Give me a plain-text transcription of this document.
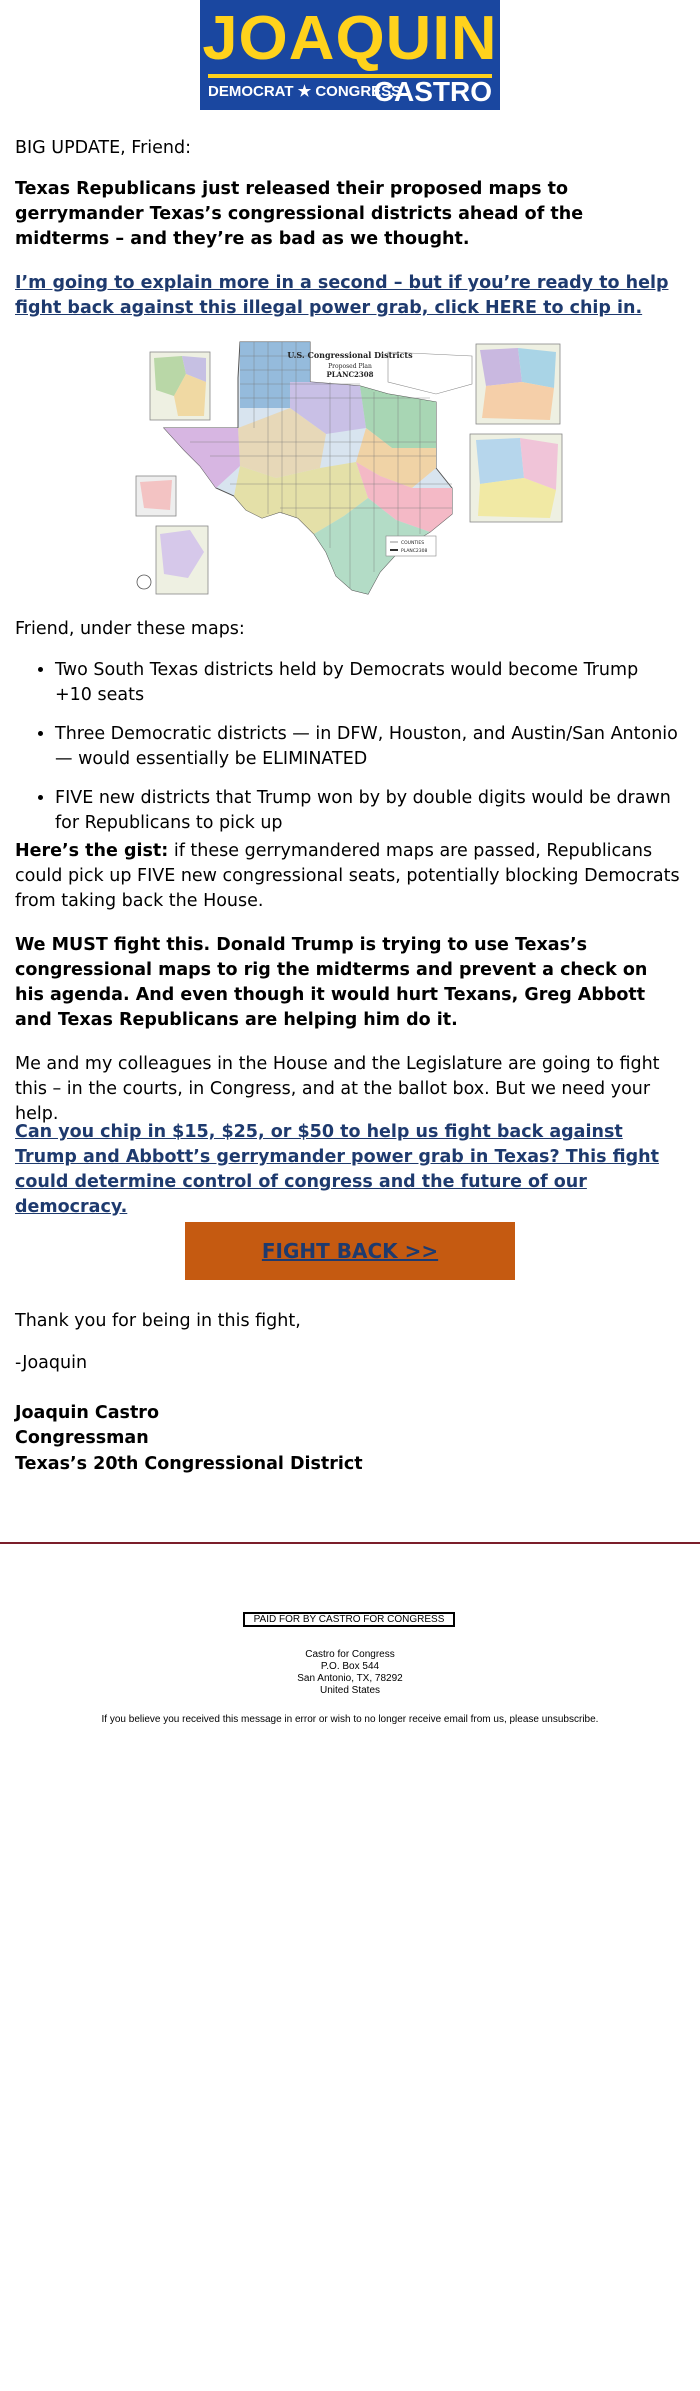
JOAQUIN
DEMOCRAT ★ CONGRESS
CASTRO

BIG UPDATE, Friend:

Texas Republicans just released their proposed maps to gerrymander Texas’s congressional districts ahead of the midterms – and they’re as bad as we thought.

I’m going to explain more in a second – but if you’re ready to help fight back against this illegal power grab, click HERE to chip in.

U.S. Congressional Districts
Proposed Plan
PLANC2308
COUNTIES
PLANC2308

Friend, under these maps:

• Two South Texas districts held by Democrats would become Trump +10 seats
• Three Democratic districts — in DFW, Houston, and Austin/San Antonio — would essentially be ELIMINATED
• FIVE new districts that Trump won by by double digits would be drawn for Republicans to pick up

Here’s the gist: if these gerrymandered maps are passed, Republicans could pick up FIVE new congressional seats, potentially blocking Democrats from taking back the House.

We MUST fight this. Donald Trump is trying to use Texas’s congressional maps to rig the midterms and prevent a check on his agenda. And even though it would hurt Texans, Greg Abbott and Texas Republicans are helping him do it.

Me and my colleagues in the House and the Legislature are going to fight this – in the courts, in Congress, and at the ballot box. But we need your help.

Can you chip in $15, $25, or $50 to help us fight back against Trump and Abbott’s gerrymander power grab in Texas? This fight could determine control of congress and the future of our democracy.

FIGHT BACK >>

Thank you for being in this fight,

-Joaquin

Joaquin Castro

Congressman

Texas’s 20th Congressional District

PAID FOR BY CASTRO FOR CONGRESS
Castro for Congress
P.O. Box 544
San Antonio, TX, 78292
United States
If you believe you received this message in error or wish to no longer receive email from us, please unsubscribe.
